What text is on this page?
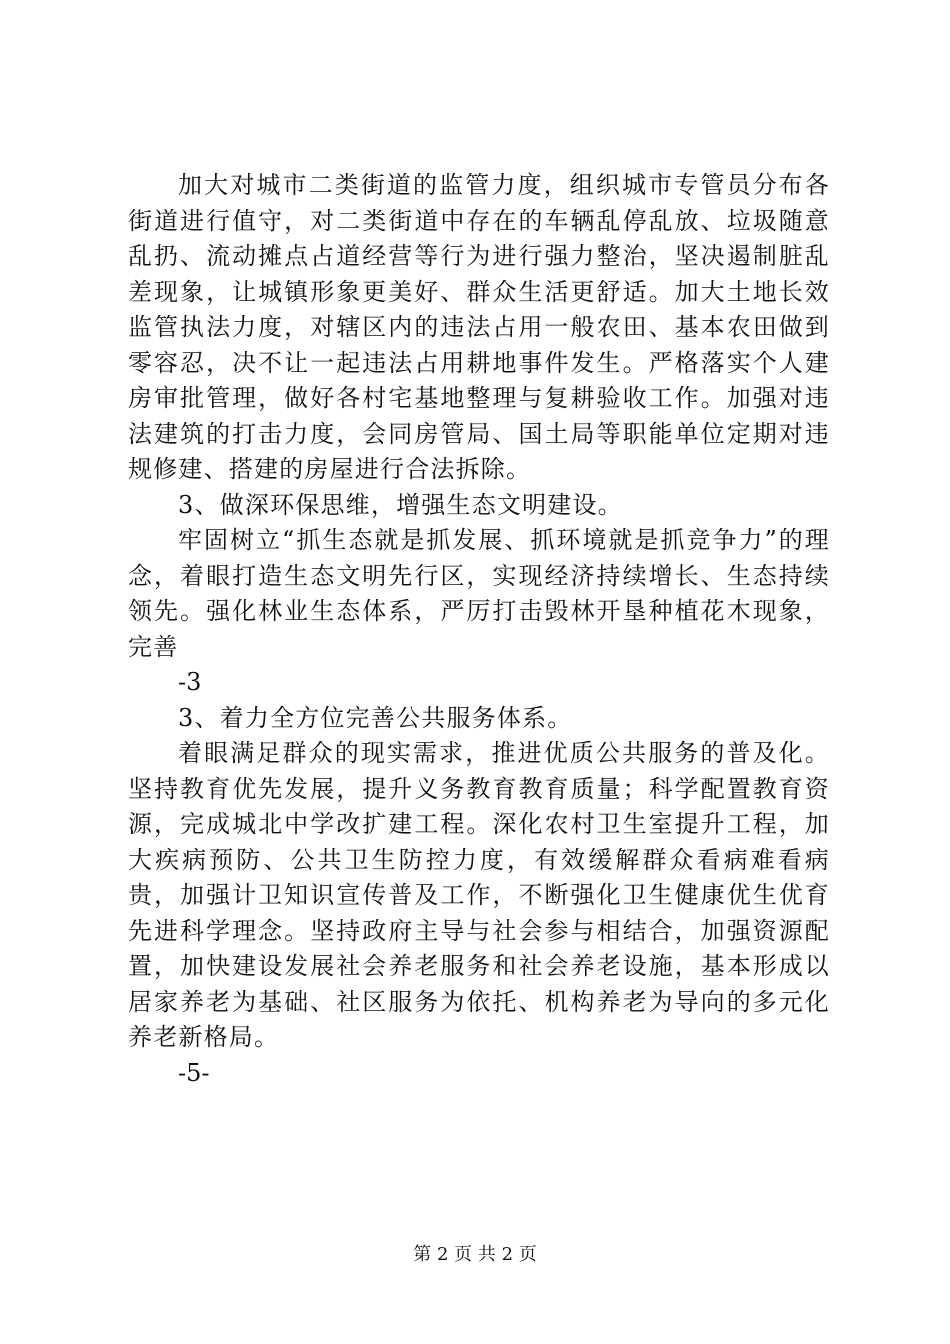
加大对城市二类街道的监管力度，组织城市专管员分布各街道进行值守，对二类街道中存在的车辆乱停乱放、垃圾随意乱扔、流动摊点占道经营等行为进行强力整治，坚决遏制脏乱差现象，让城镇形象更美好、群众生活更舒适。加大土地长效监管执法力度，对辖区内的违法占用一般农田、基本农田做到零容忍，决不让一起违法占用耕地事件发生。严格落实个人建房审批管理，做好各村宅基地整理与复耕验收工作。加强对违法建筑的打击力度，会同房管局、国土局等职能单位定期对违规修建、搭建的房屋进行合法拆除。

3、做深环保思维，增强生态文明建设。

牢固树立“抓生态就是抓发展、抓环境就是抓竞争力”的理念，着眼打造生态文明先行区，实现经济持续增长、生态持续领先。强化林业生态体系，严厉打击毁林开垦种植花木现象，完善

-3

3、着力全方位完善公共服务体系。

着眼满足群众的现实需求，推进优质公共服务的普及化。坚持教育优先发展，提升义务教育教育质量；科学配置教育资源，完成城北中学改扩建工程。深化农村卫生室提升工程，加大疾病预防、公共卫生防控力度，有效缓解群众看病难看病贵，加强计卫知识宣传普及工作，不断强化卫生健康优生优育先进科学理念。坚持政府主导与社会参与相结合，加强资源配置，加快建设发展社会养老服务和社会养老设施，基本形成以居家养老为基础、社区服务为依托、机构养老为导向的多元化养老新格局。

-5-

第 2 页 共 2 页
